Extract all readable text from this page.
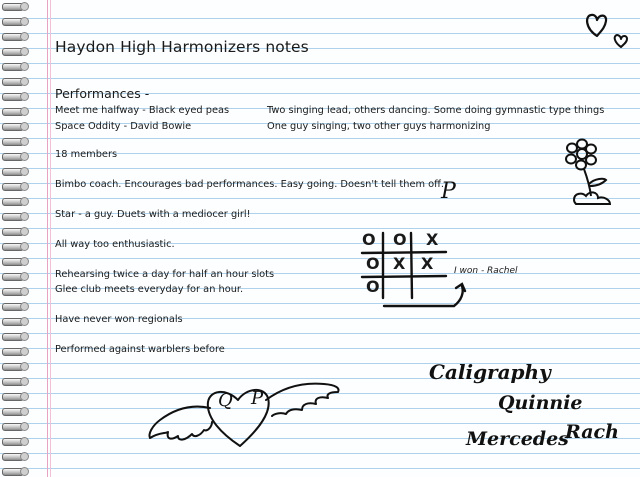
Haydon High Harmonizers notes
Performances -
Meet me halfway - Black eyed peas	Two singing lead, others dancing. Some doing gymnastic type things
Space Oddity - David Bowie	One guy singing, two other guys harmonizing
18 members
Bimbo coach. Encourages bad performances. Easy going. Doesn't tell them off.
Star - a guy. Duets with a mediocer girl!
All way too enthusiastic.
Rehearsing twice a day for half an hour slots
Glee club meets everyday for an hour.
Have never won regionals
Performed against warblers before
P
O O X
O X X
O
I won - Rachel
Q P
Caligraphy
Quinnie
Rach
Mercedes
